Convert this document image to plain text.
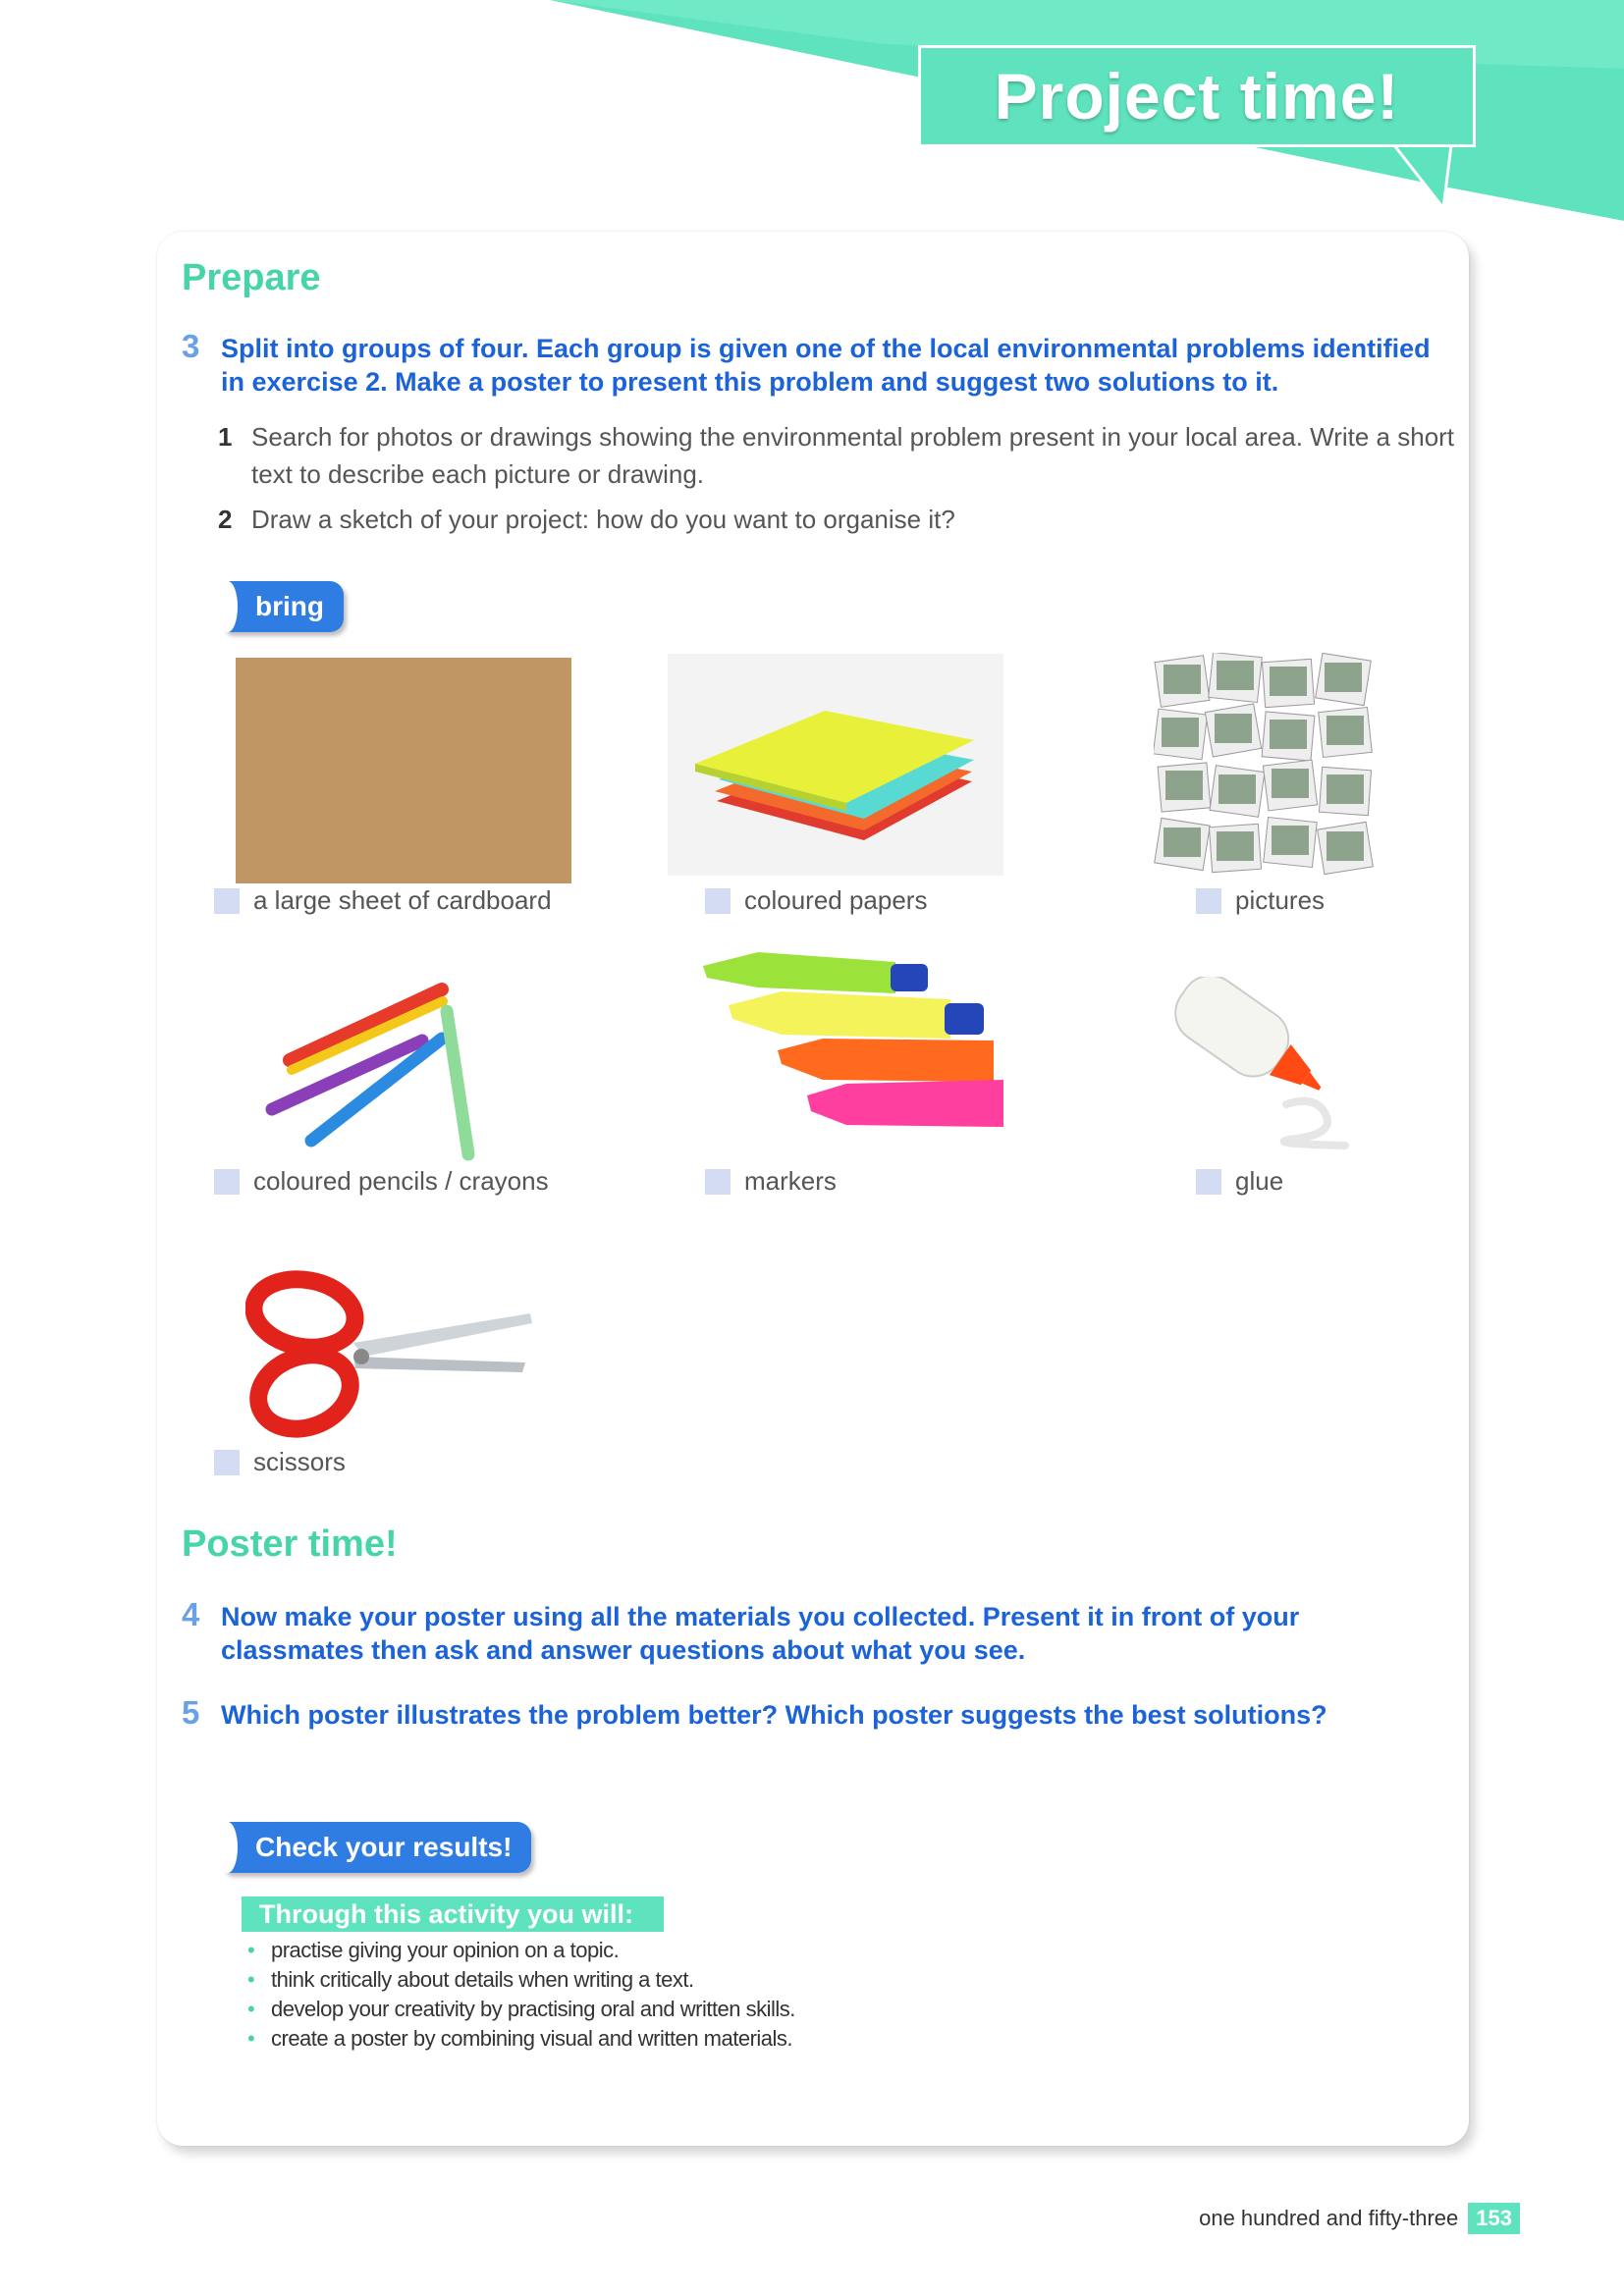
Project time!
Prepare
3 Split into groups of four. Each group is given one of the local environmental problems identified in exercise 2. Make a poster to present this problem and suggest two solutions to it.
1 Search for photos or drawings showing the environmental problem present in your local area. Write a short text to describe each picture or drawing.
2 Draw a sketch of your project: how do you want to organise it?
bring
a large sheet of cardboard	coloured papers	pictures
coloured pencils / crayons	markers	glue
scissors
Poster time!
4 Now make your poster using all the materials you collected. Present it in front of your classmates then ask and answer questions about what you see.
5 Which poster illustrates the problem better? Which poster suggests the best solutions?
Check your results!
Through this activity you will:
• practise giving your opinion on a topic.
• think critically about details when writing a text.
• develop your creativity by practising oral and written skills.
• create a poster by combining visual and written materials.
one hundred and fifty-three 153
